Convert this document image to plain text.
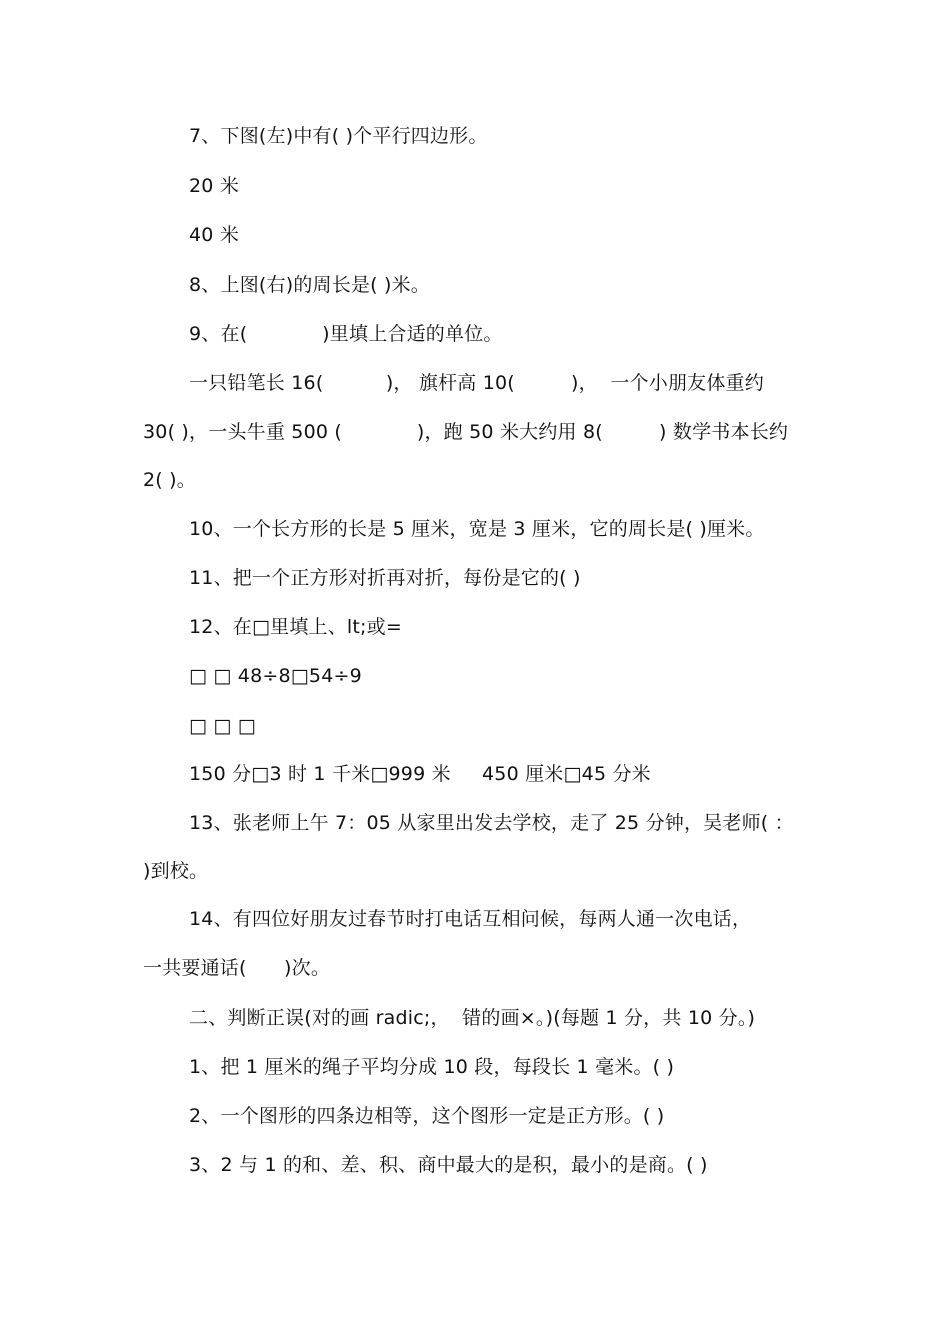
7、下图(左)中有( )个平行四边形。
20 米
40 米
8、上图(右)的周长是( )米。
9、在(            )里填上合适的单位。
一只铅笔长 16(          )， 旗杆高 10(         )，  一个小朋友体重约
30( )，一头牛重 500 (            )，跑 50 米大约用 8(         ) 数学书本长约
2( )。
10、一个长方形的长是 5 厘米，宽是 3 厘米，它的周长是( )厘米。
11、把一个正方形对折再对折，每份是它的( )
12、在□里填上、lt;或=
□ □ 48÷8□54÷9
□ □ □
150 分□3 时 1 千米□999 米     450 厘米□45 分米
13、张老师上午 7：05 从家里出发去学校，走了 25 分钟，吴老师( ：
)到校。
14、有四位好朋友过春节时打电话互相问候，每两人通一次电话，
一共要通话(      )次。
二、判断正误(对的画 radic;，  错的画×。)(每题 1 分，共 10 分。)
1、把 1 厘米的绳子平均分成 10 段，每段长 1 毫米。( )
2、一个图形的四条边相等，这个图形一定是正方形。( )
3、2 与 1 的和、差、积、商中最大的是积，最小的是商。( )
